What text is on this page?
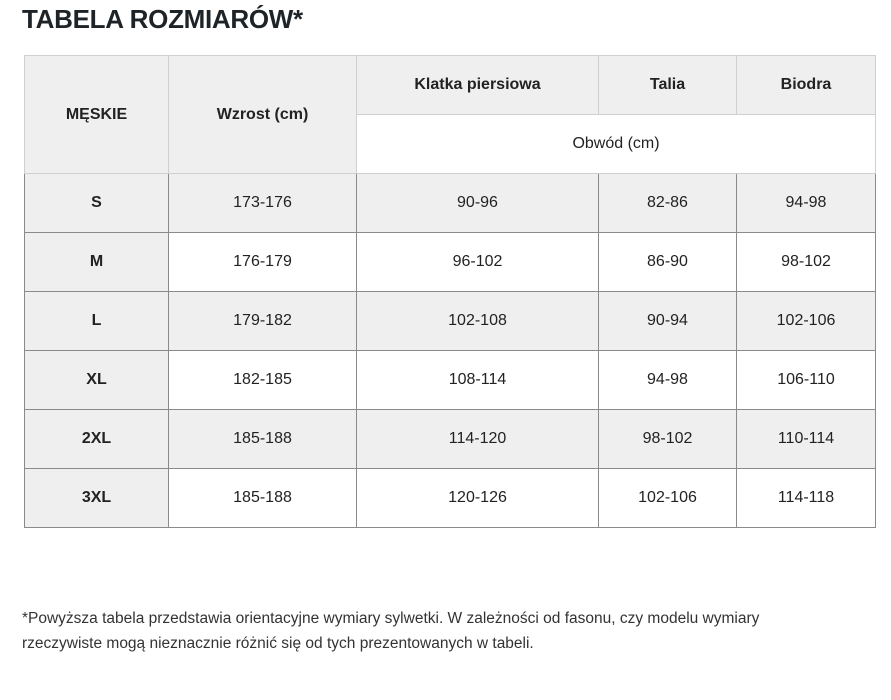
TABELA ROZMIARÓW*
MĘSKIE	Wzrost (cm)	Klatka piersiowa	Talia	Biodra
		Obwód (cm)		
S	173-176	90-96	82-86	94-98
M	176-179	96-102	86-90	98-102
L	179-182	102-108	90-94	102-106
XL	182-185	108-114	94-98	106-110
2XL	185-188	114-120	98-102	110-114
3XL	185-188	120-126	102-106	114-118
*Powyższa tabela przedstawia orientacyjne wymiary sylwetki. W zależności od fasonu, czy modelu wymiary
rzeczywiste mogą nieznacznie różnić się od tych prezentowanych w tabeli.
